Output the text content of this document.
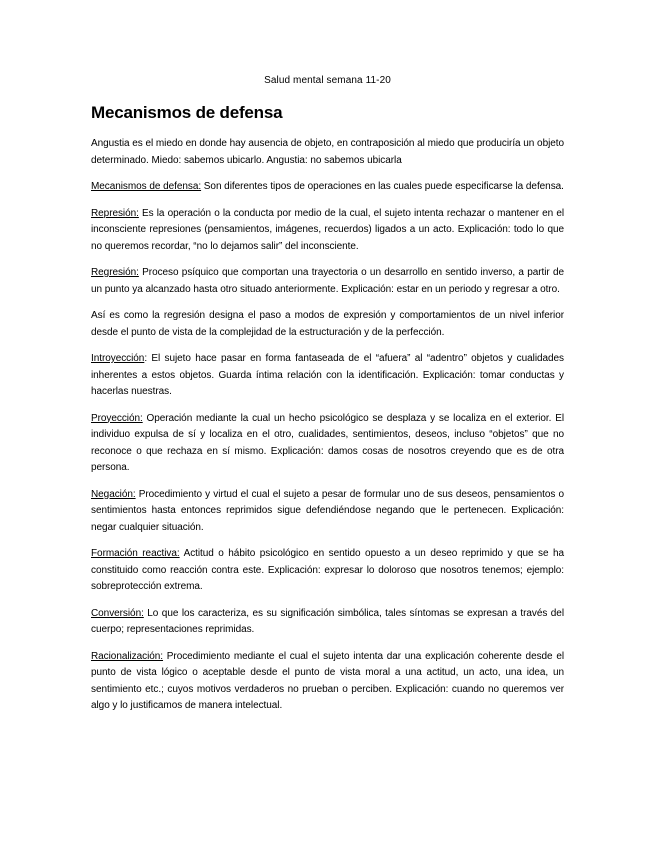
Salud mental semana 11-20
Mecanismos de defensa

Angustia es el miedo en donde hay ausencia de objeto, en contraposición al miedo que produciría un objeto determinado. Miedo: sabemos ubicarlo. Angustia: no sabemos ubicarla

Mecanismos de defensa: Son diferentes tipos de operaciones en las cuales puede especificarse la defensa.

Represión: Es la operación o la conducta por medio de la cual, el sujeto intenta rechazar o mantener en el inconsciente represiones (pensamientos, imágenes, recuerdos) ligados a un acto. Explicación: todo lo que no queremos recordar, “no lo dejamos salir” del inconsciente.

Regresión: Proceso psíquico que comportan una trayectoria o un desarrollo en sentido inverso, a partir de un punto ya alcanzado hasta otro situado anteriormente. Explicación: estar en un periodo y regresar a otro.

Así es como la regresión designa el paso a modos de expresión y comportamientos de un nivel inferior desde el punto de vista de la complejidad de la estructuración y de la perfección.

Introyección: El sujeto hace pasar en forma fantaseada de el “afuera” al “adentro” objetos y cualidades inherentes a estos objetos. Guarda íntima relación con la identificación. Explicación: tomar conductas y hacerlas nuestras.

Proyección: Operación mediante la cual un hecho psicológico se desplaza y se localiza en el exterior. El individuo expulsa de sí y localiza en el otro, cualidades, sentimientos, deseos, incluso “objetos” que no reconoce o que rechaza en sí mismo. Explicación: damos cosas de nosotros creyendo que es de otra persona.

Negación: Procedimiento y virtud el cual el sujeto a pesar de formular uno de sus deseos, pensamientos o sentimientos hasta entonces reprimidos sigue defendiéndose negando que le pertenecen. Explicación: negar cualquier situación.

Formación reactiva: Actitud o hábito psicológico en sentido opuesto a un deseo reprimido y que se ha constituido como reacción contra este. Explicación: expresar lo doloroso que nosotros tenemos; ejemplo: sobreprotección extrema.

Conversión: Lo que los caracteriza, es su significación simbólica, tales síntomas se expresan a través del cuerpo; representaciones reprimidas.

Racionalización: Procedimiento mediante el cual el sujeto intenta dar una explicación coherente desde el punto de vista lógico o aceptable desde el punto de vista moral a una actitud, un acto, una idea, un sentimiento etc.; cuyos motivos verdaderos no prueban o perciben. Explicación: cuando no queremos ver algo y lo justificamos de manera intelectual.
